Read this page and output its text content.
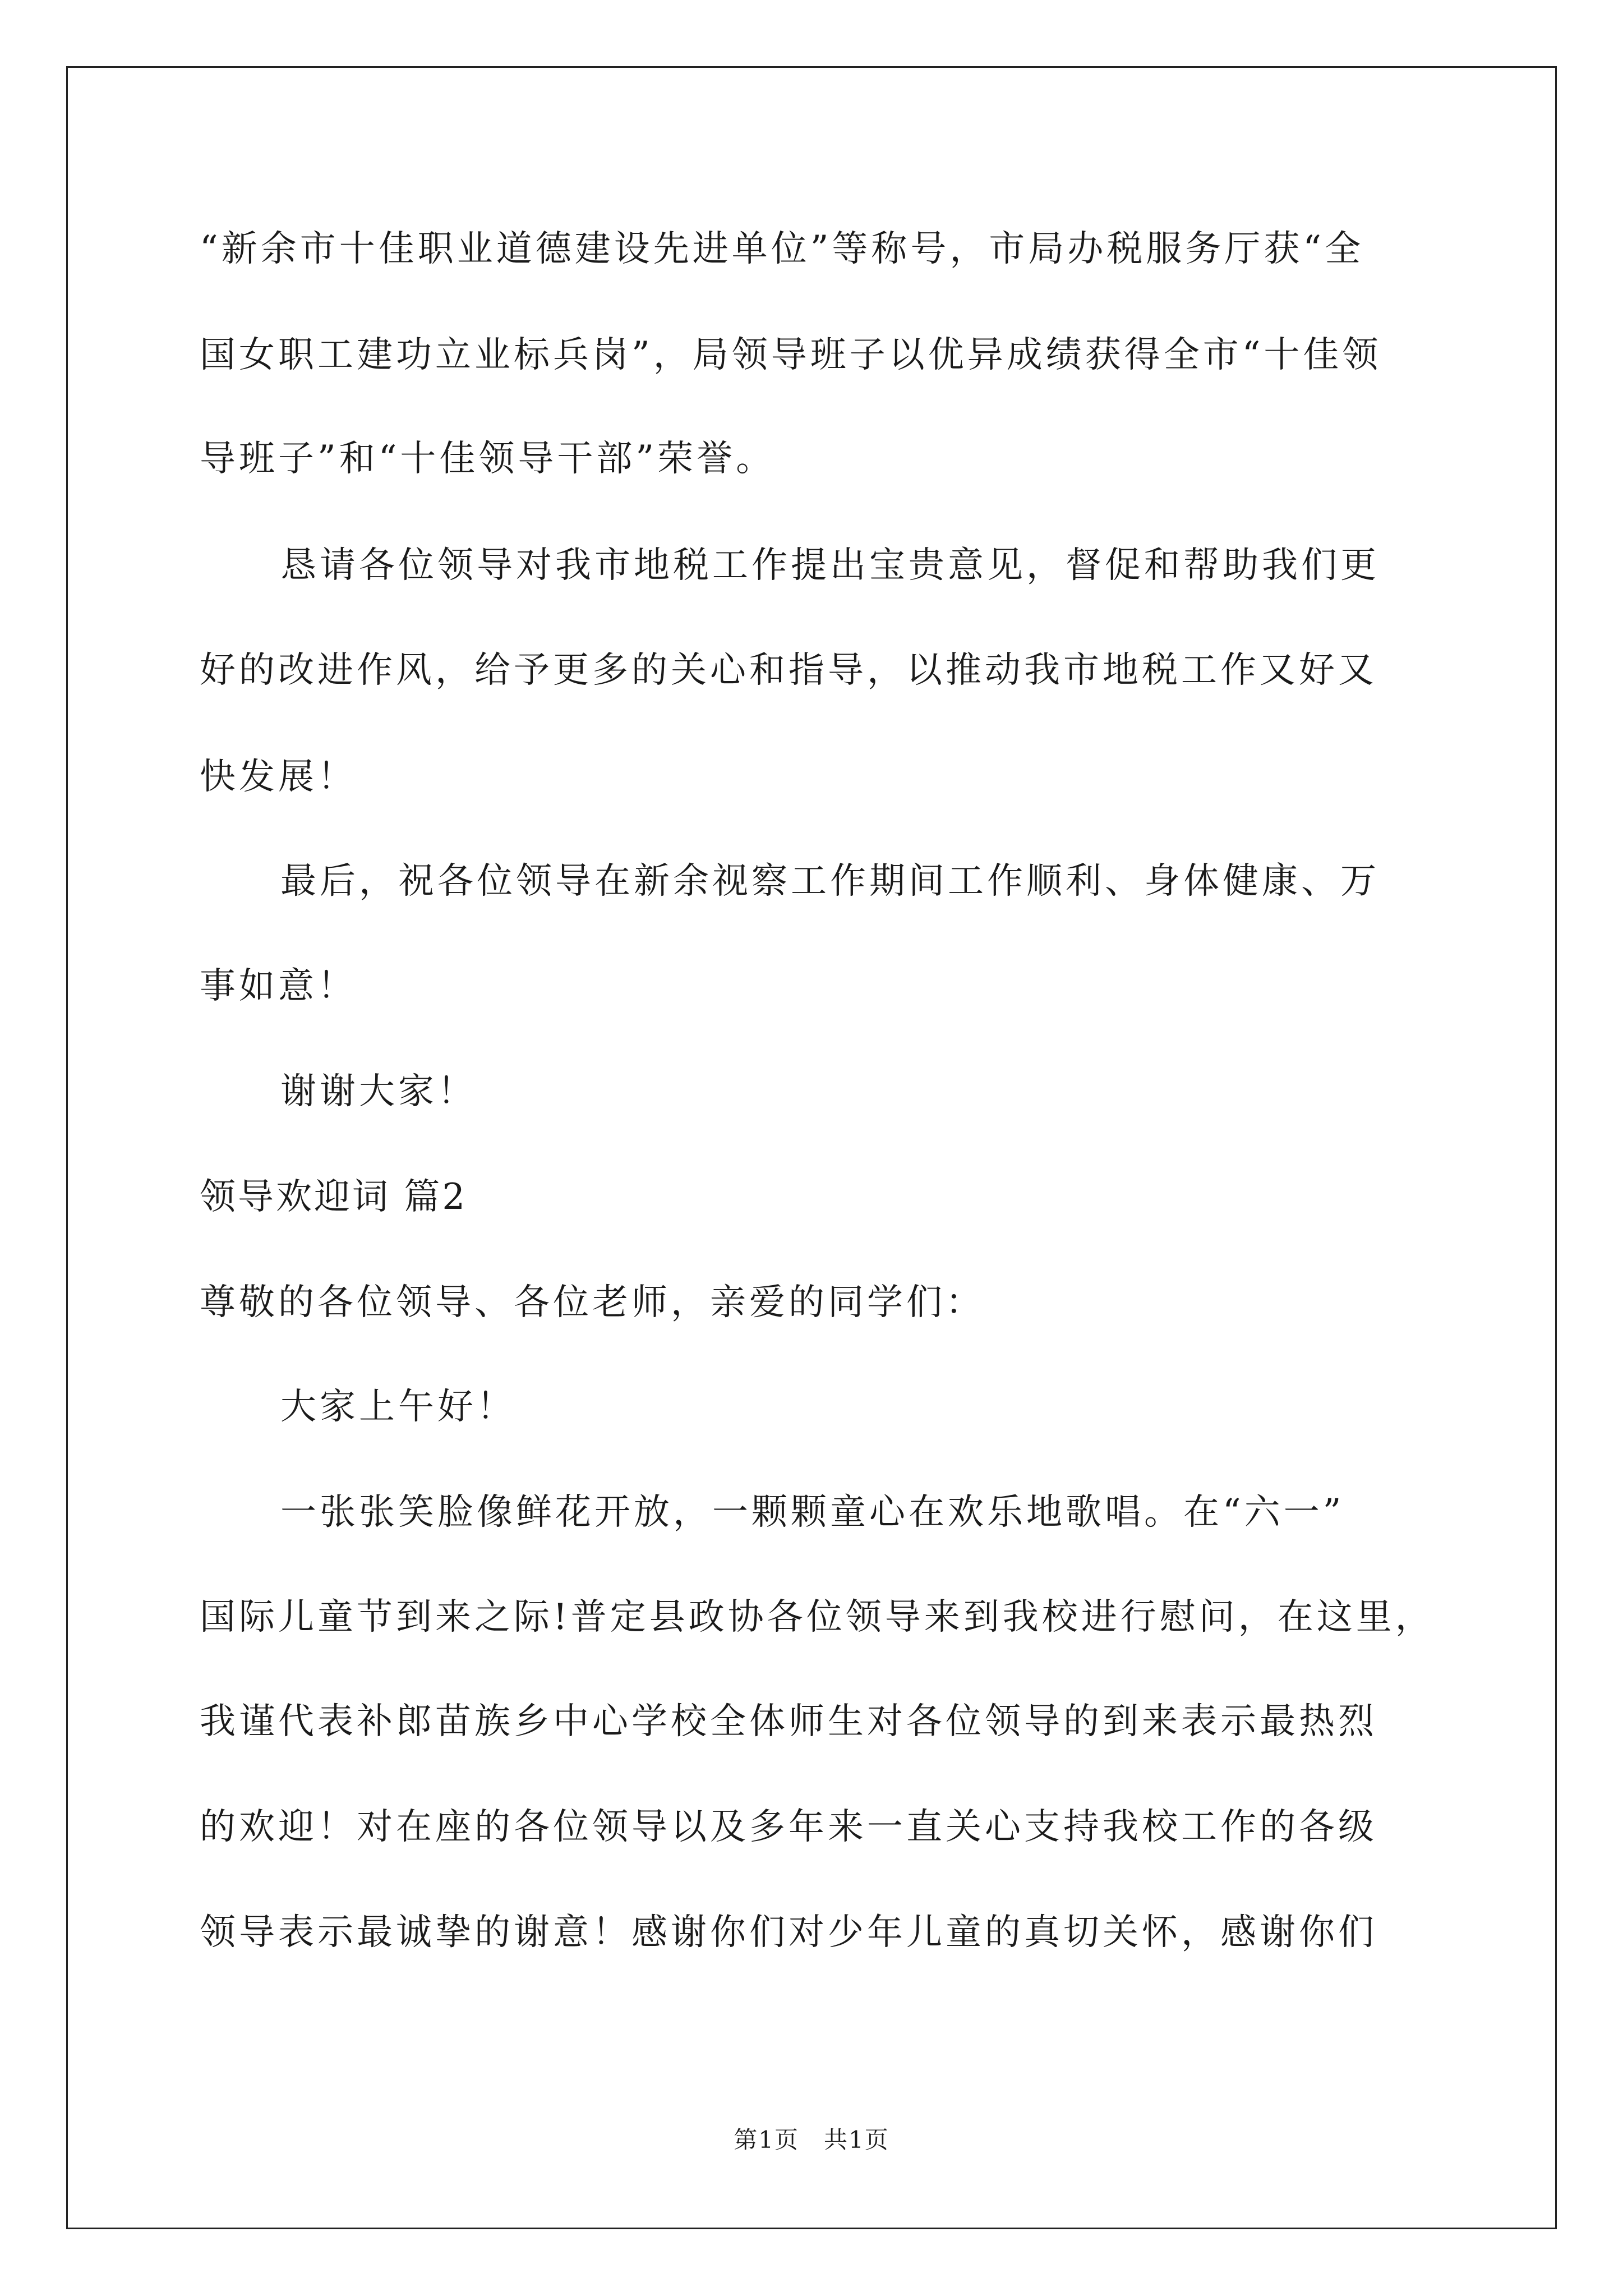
“新余市十佳职业道德建设先进单位”等称号，市局办税服务厅获“全
国女职工建功立业标兵岗”，局领导班子以优异成绩获得全市“十佳领
导班子”和“十佳领导干部”荣誉。
恳请各位领导对我市地税工作提出宝贵意见，督促和帮助我们更
好的改进作风，给予更多的关心和指导，以推动我市地税工作又好又
快发展！
最后，祝各位领导在新余视察工作期间工作顺利、身体健康、万
事如意！
谢谢大家！
领导欢迎词 篇2
尊敬的各位领导、各位老师，亲爱的同学们：
大家上午好！
一张张笑脸像鲜花开放，一颗颗童心在欢乐地歌唱。在“六一”
国际儿童节到来之际!普定县政协各位领导来到我校进行慰问，在这里，
我谨代表补郎苗族乡中心学校全体师生对各位领导的到来表示最热烈
的欢迎！对在座的各位领导以及多年来一直关心支持我校工作的各级
领导表示最诚挚的谢意！感谢你们对少年儿童的真切关怀，感谢你们
第1页　共1页
